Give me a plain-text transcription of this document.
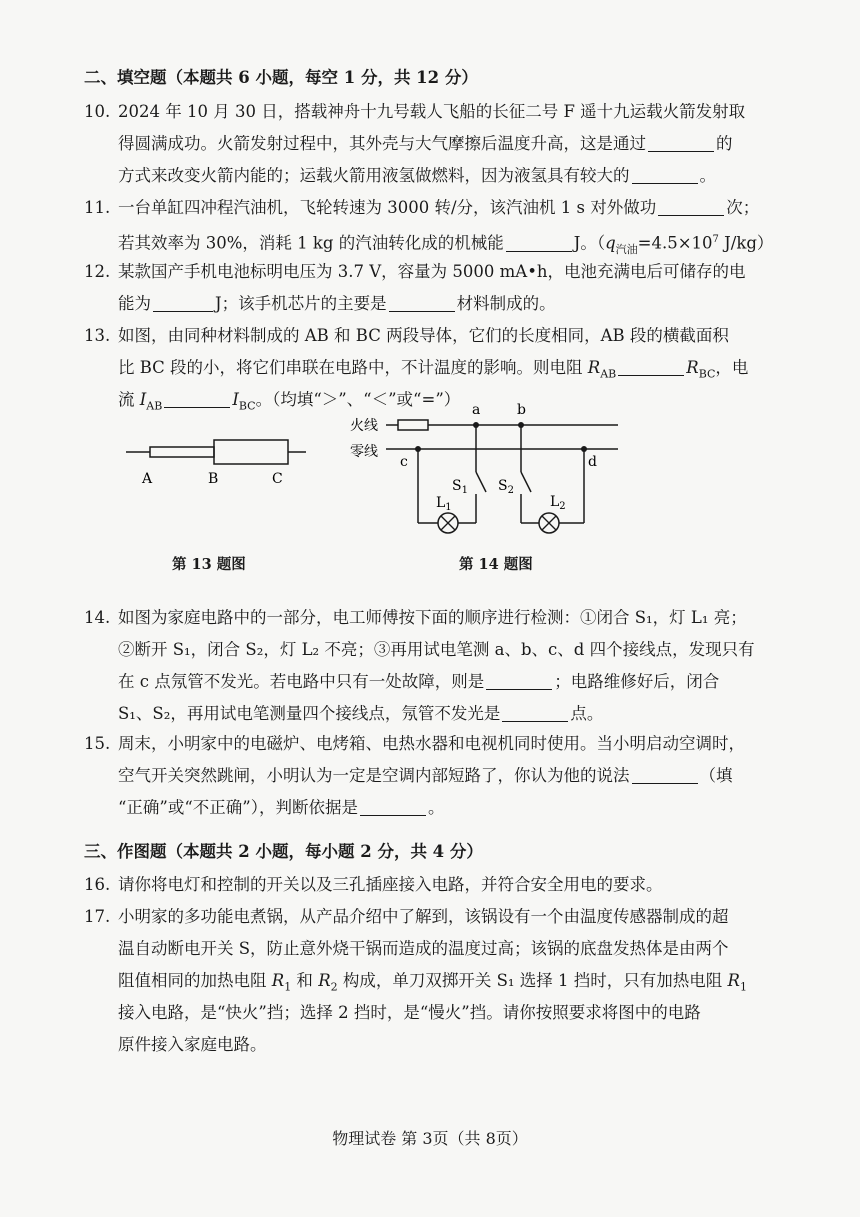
二、填空题（本题共 6 小题，每空 1 分，共 12 分）
10. 2024 年 10 月 30 日，搭载神舟十九号载人飞船的长征二号 F 遥十九运载火箭发射取
得圆满成功。火箭发射过程中，其外壳与大气摩擦后温度升高，这是通过	的
方式来改变火箭内能的；运载火箭用液氢做燃料，因为液氢具有较大的	。
11. 一台单缸四冲程汽油机，飞轮转速为 3000 转/分，该汽油机 1 s 对外做功	次；
若其效率为 30%，消耗 1 kg 的汽油转化成的机械能	J。（$q_{汽油}=4.5\times 10^7$ J/kg）
12. 某款国产手机电池标明电压为 3.7 V，容量为 5000 mA•h，电池充满电后可储存的电
能为	J；该手机芯片的主要是	材料制成的。
13. 如图，由同种材料制成的 AB 和 BC 两段导体，它们的长度相同，AB 段的横截面积
比 BC 段的小，将它们串联在电路中，不计温度的影响。则电阻 $R_{AB}$	$R_{BC}$，电
流 $I_{AB}$	$I_{BC}$。（均填“＞”、“＜”或“=”）
A	B	C
第 13 题图
火线
零线
a	b
c	d
$S_1$
$L_1$
$S_2$
$L_2$
第 14 题图
14. 如图为家庭电路中的一部分，电工师傅按下面的顺序进行检测：①闭合 S₁，灯 L₁ 亮；
②断开 S₁，闭合 S₂，灯 L₂ 不亮；③再用试电笔测 a、b、c、d 四个接线点，发现只有
在 c 点氖管不发光。若电路中只有一处故障，则是	；电路维修好后，闭合
S₁、S₂，再用试电笔测量四个接线点，氖管不发光是	点。
15. 周末，小明家中的电磁炉、电烤箱、电热水器和电视机同时使用。当小明启动空调时，
空气开关突然跳闸，小明认为一定是空调内部短路了，你认为他的说法	（填
“正确”或“不正确”），判断依据是	。
三、作图题（本题共 2 小题，每小题 2 分，共 4 分）
16. 请你将电灯和控制的开关以及三孔插座接入电路，并符合安全用电的要求。
17. 小明家的多功能电煮锅，从产品介绍中了解到，该锅设有一个由温度传感器制成的超
温自动断电开关 S，防止意外烧干锅而造成的温度过高；该锅的底盘发热体是由两个
阻值相同的加热电阻 $R_1$ 和 $R_2$ 构成，单刀双掷开关 S₁ 选择 1 挡时，只有加热电阻 $R_1$
接入电路，是“快火”挡；选择 2 挡时，是“慢火”挡。请你按照要求将图中的电路
原件接入家庭电路。
物理试卷 第 3页（共 8页）
